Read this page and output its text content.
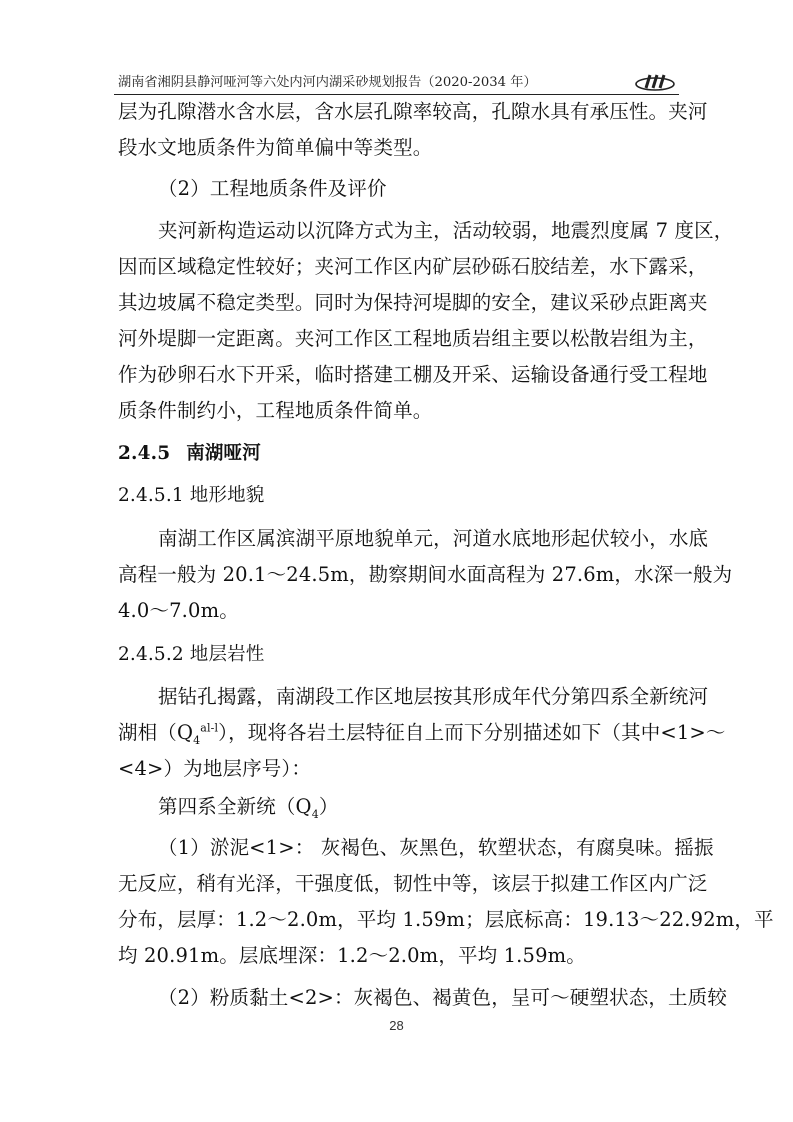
湖南省湘阴县静河哑河等六处内河内湖采砂规划报告（2020-2034 年）
层为孔隙潜水含水层，含水层孔隙率较高，孔隙水具有承压性。夹河
段水文地质条件为简单偏中等类型。
（2）工程地质条件及评价
夹河新构造运动以沉降方式为主，活动较弱，地震烈度属 7 度区，
因而区域稳定性较好；夹河工作区内矿层砂砾石胶结差，水下露采，
其边坡属不稳定类型。同时为保持河堤脚的安全，建议采砂点距离夹
河外堤脚一定距离。夹河工作区工程地质岩组主要以松散岩组为主，
作为砂卵石水下开采，临时搭建工棚及开采、运输设备通行受工程地
质条件制约小，工程地质条件简单。
2.4.5 南湖哑河
2.4.5.1 地形地貌
南湖工作区属滨湖平原地貌单元，河道水底地形起伏较小，水底
高程一般为 20.1～24.5m，勘察期间水面高程为 27.6m，水深一般为
4.0～7.0m。
2.4.5.2 地层岩性
据钻孔揭露，南湖段工作区地层按其形成年代分第四系全新统河
湖相$(Q_4^{al-l})$，现将各岩土层特征自上而下分别描述如下（其中<1>～
<4>）为地层序号）：
第四系全新统$(Q_4)$
（1）淤泥<1>： 灰褐色、灰黑色，软塑状态，有腐臭味。摇振
无反应，稍有光泽，干强度低，韧性中等，该层于拟建工作区内广泛
分布，层厚：1.2～2.0m，平均 1.59m；层底标高：19.13～22.92m，平
均 20.91m。层底埋深：1.2～2.0m，平均 1.59m。
（2）粉质黏土<2>：灰褐色、褐黄色，呈可～硬塑状态，土质较
28
